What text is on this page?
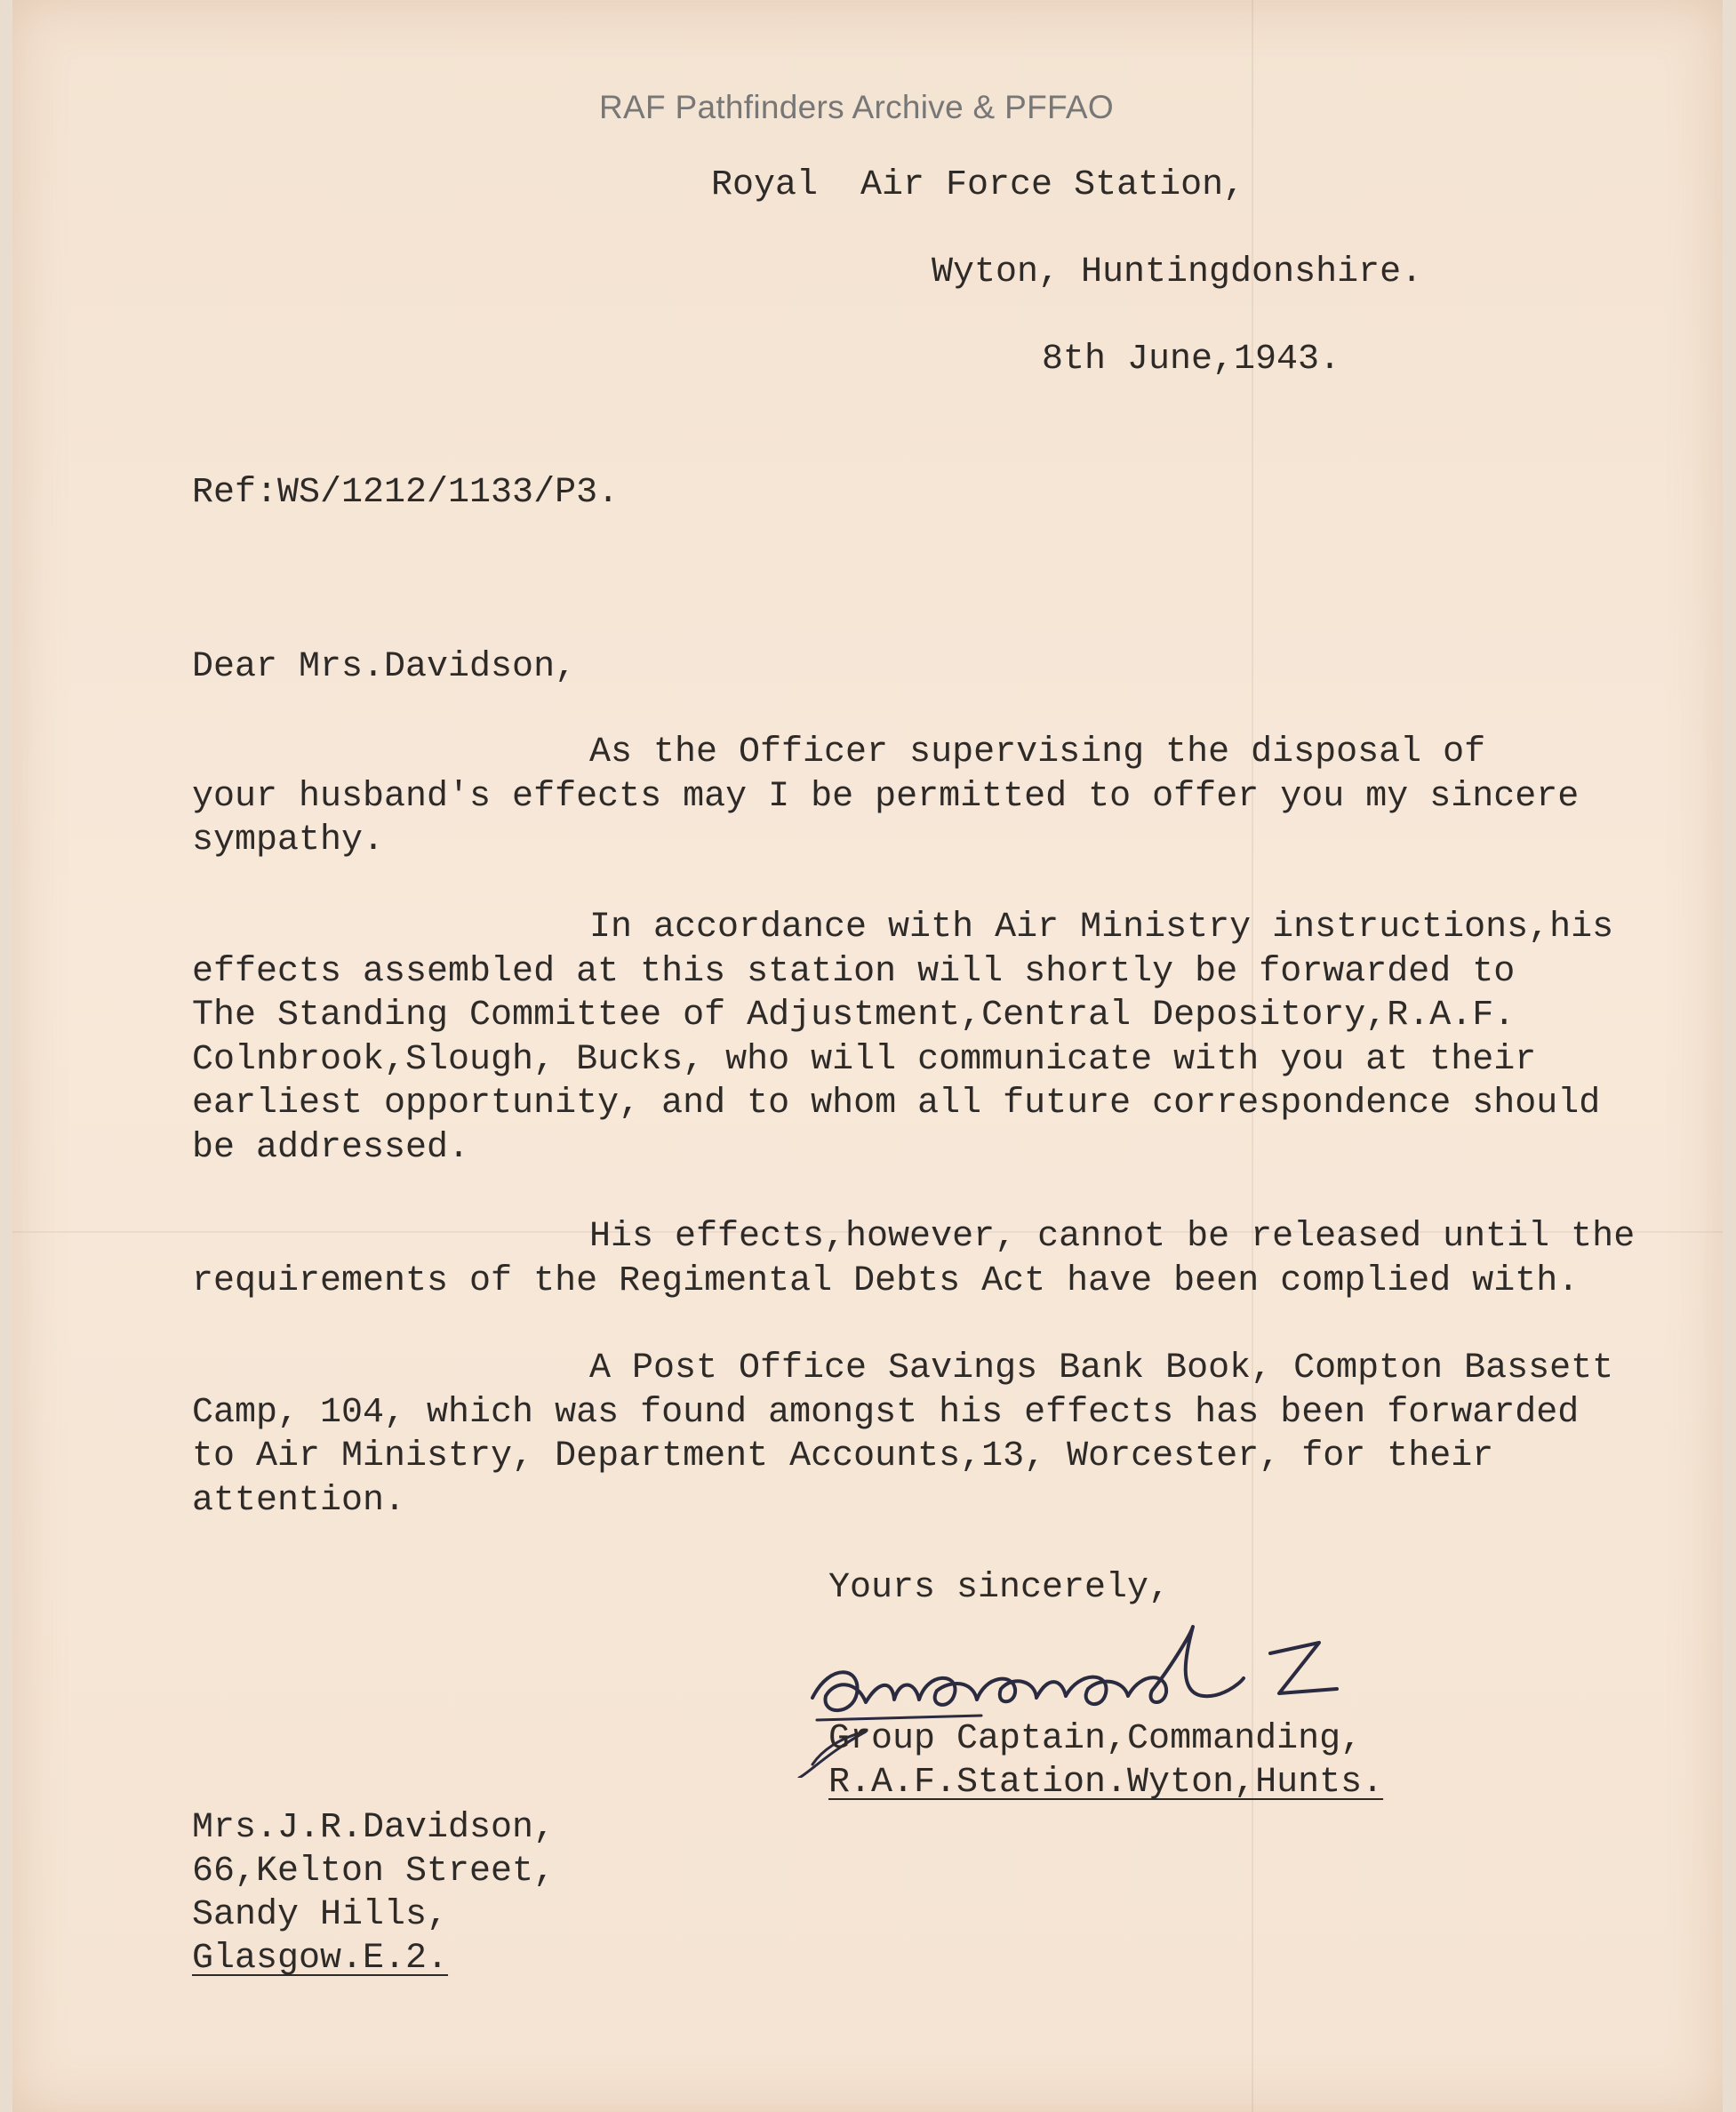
RAF Pathfinders Archive & PFFAO
Royal  Air Force Station,
Wyton, Huntingdonshire.
8th June,1943.
Ref:WS/1212/1133/P3.
Dear Mrs.Davidson,
As the Officer supervising the disposal of
your husband's effects may I be permitted to offer you my sincere
sympathy.
In accordance with Air Ministry instructions,his
effects assembled at this station will shortly be forwarded to
The Standing Committee of Adjustment,Central Depository,R.A.F.
Colnbrook,Slough, Bucks, who will communicate with you at their
earliest opportunity, and to whom all future correspondence should
be addressed.
His effects,however, cannot be released until the
requirements of the Regimental Debts Act have been complied with.
A Post Office Savings Bank Book, Compton Bassett
Camp, 104, which was found amongst his effects has been forwarded
to Air Ministry, Department Accounts,13, Worcester, for their
attention.
Yours sincerely,
Group Captain,Commanding,
R.A.F.Station.Wyton,Hunts.
Mrs.J.R.Davidson,
66,Kelton Street,
Sandy Hills,
Glasgow.E.2.
